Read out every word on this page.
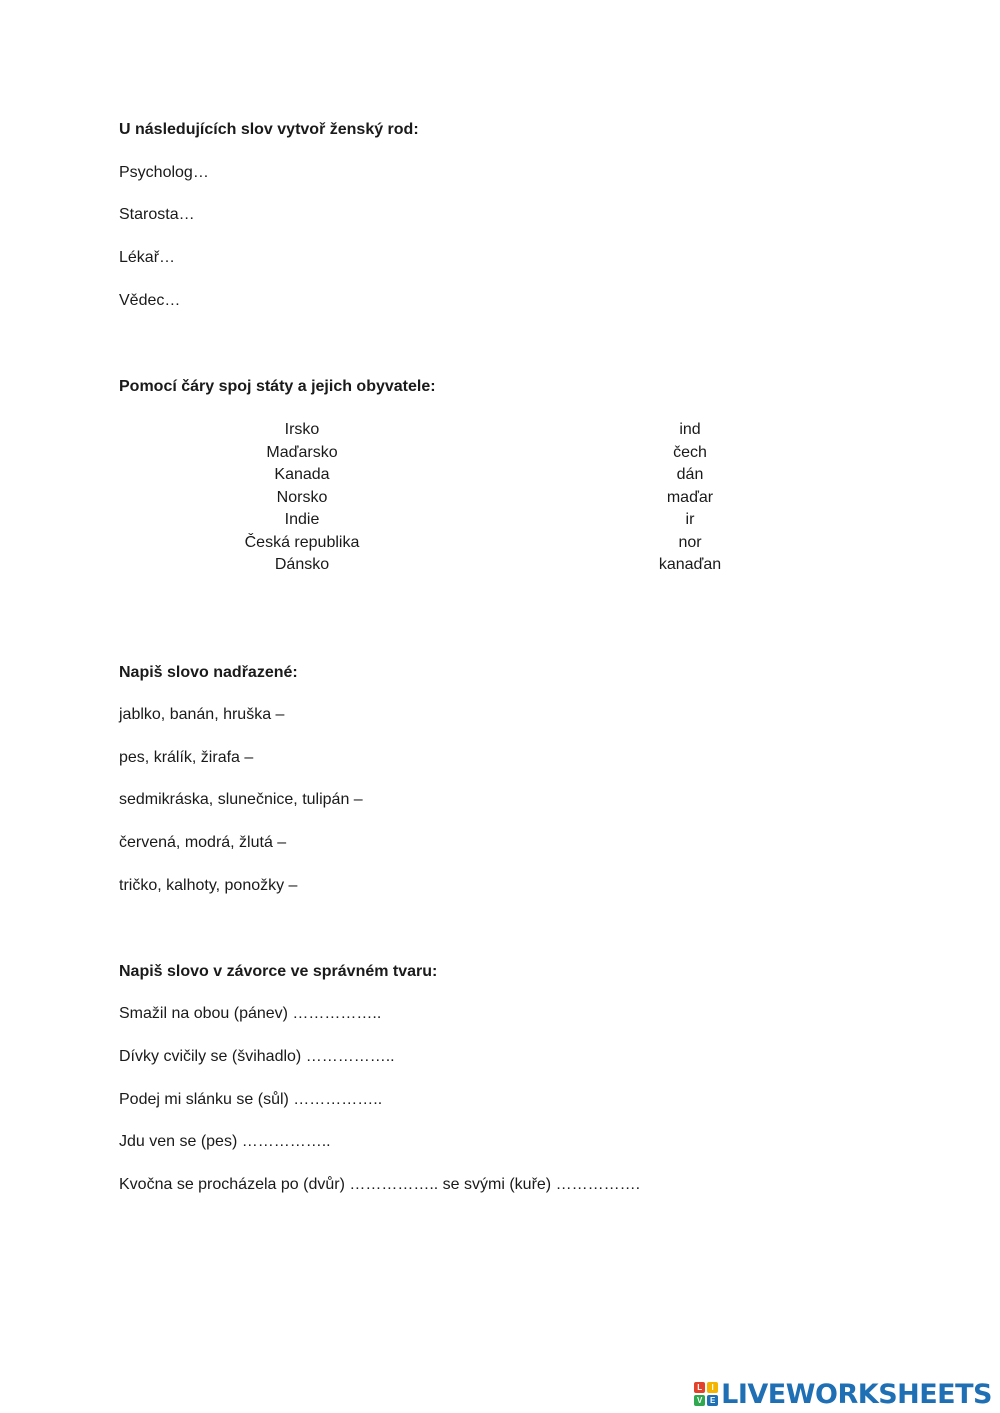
U následujících slov vytvoř ženský rod:
Psycholog…
Starosta…
Lékař…
Vědec…
Pomocí čáry spoj státy a jejich obyvatele:
Irsko
Maďarsko
Kanada
Norsko
Indie
Česká republika
Dánsko
ind
čech
dán
maďar
ir
nor
kanaďan
Napiš slovo nadřazené:
jablko, banán, hruška –
pes, králík, žirafa –
sedmikráska, slunečnice, tulipán –
červená, modrá, žlutá –
tričko, kalhoty, ponožky –
Napiš slovo v závorce ve správném tvaru:
Smažil na obou (pánev) ……………..
Dívky cvičily se (švihadlo) ……………..
Podej mi slánku se (sůl) ……………..
Jdu ven se (pes) ……………..
Kvočna se procházela po (dvůr) …………….. se svými (kuře) …………….
L	I
V E LIVEWORKSHEETS
